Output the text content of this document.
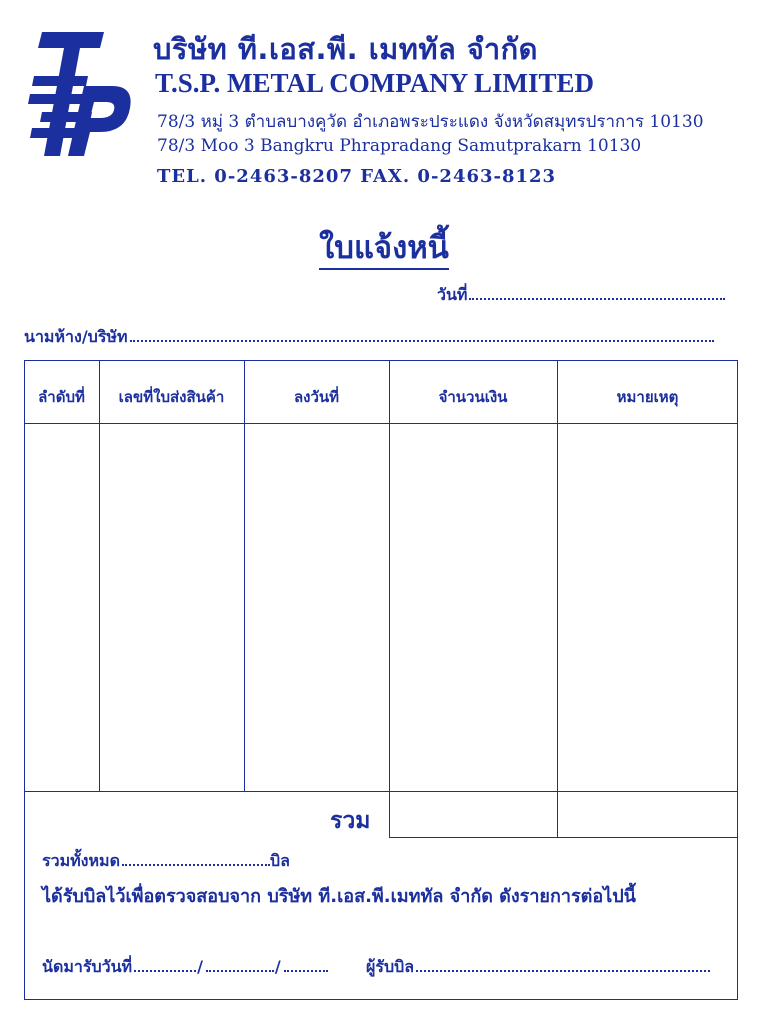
บริษัท ที.เอส.พี. เมททัล จำกัด
T.S.P. METAL COMPANY LIMITED
78/3 หมู่ 3 ตำบลบางคูวัด อำเภอพระประแดง จังหวัดสมุทรปราการ 10130
78/3 Moo 3 Bangkru Phrapradang Samutprakarn 10130
TEL. 0-2463-8207 FAX. 0-2463-8123
ใบแจ้งหนี้
วันที่
นามห้าง/บริษัท
ลำดับที่	เลขที่ใบส่งสินค้า	ลงวันที่	จำนวนเงิน	หมายเหตุ
รวม
รวมทั้งหมด	บิล
ได้รับบิลไว้เพื่อตรวจสอบจาก บริษัท ที.เอส.พี.เมททัล จำกัด ดังรายการต่อไปนี้
นัดมารับวันที่	/	/	ผู้รับบิล
